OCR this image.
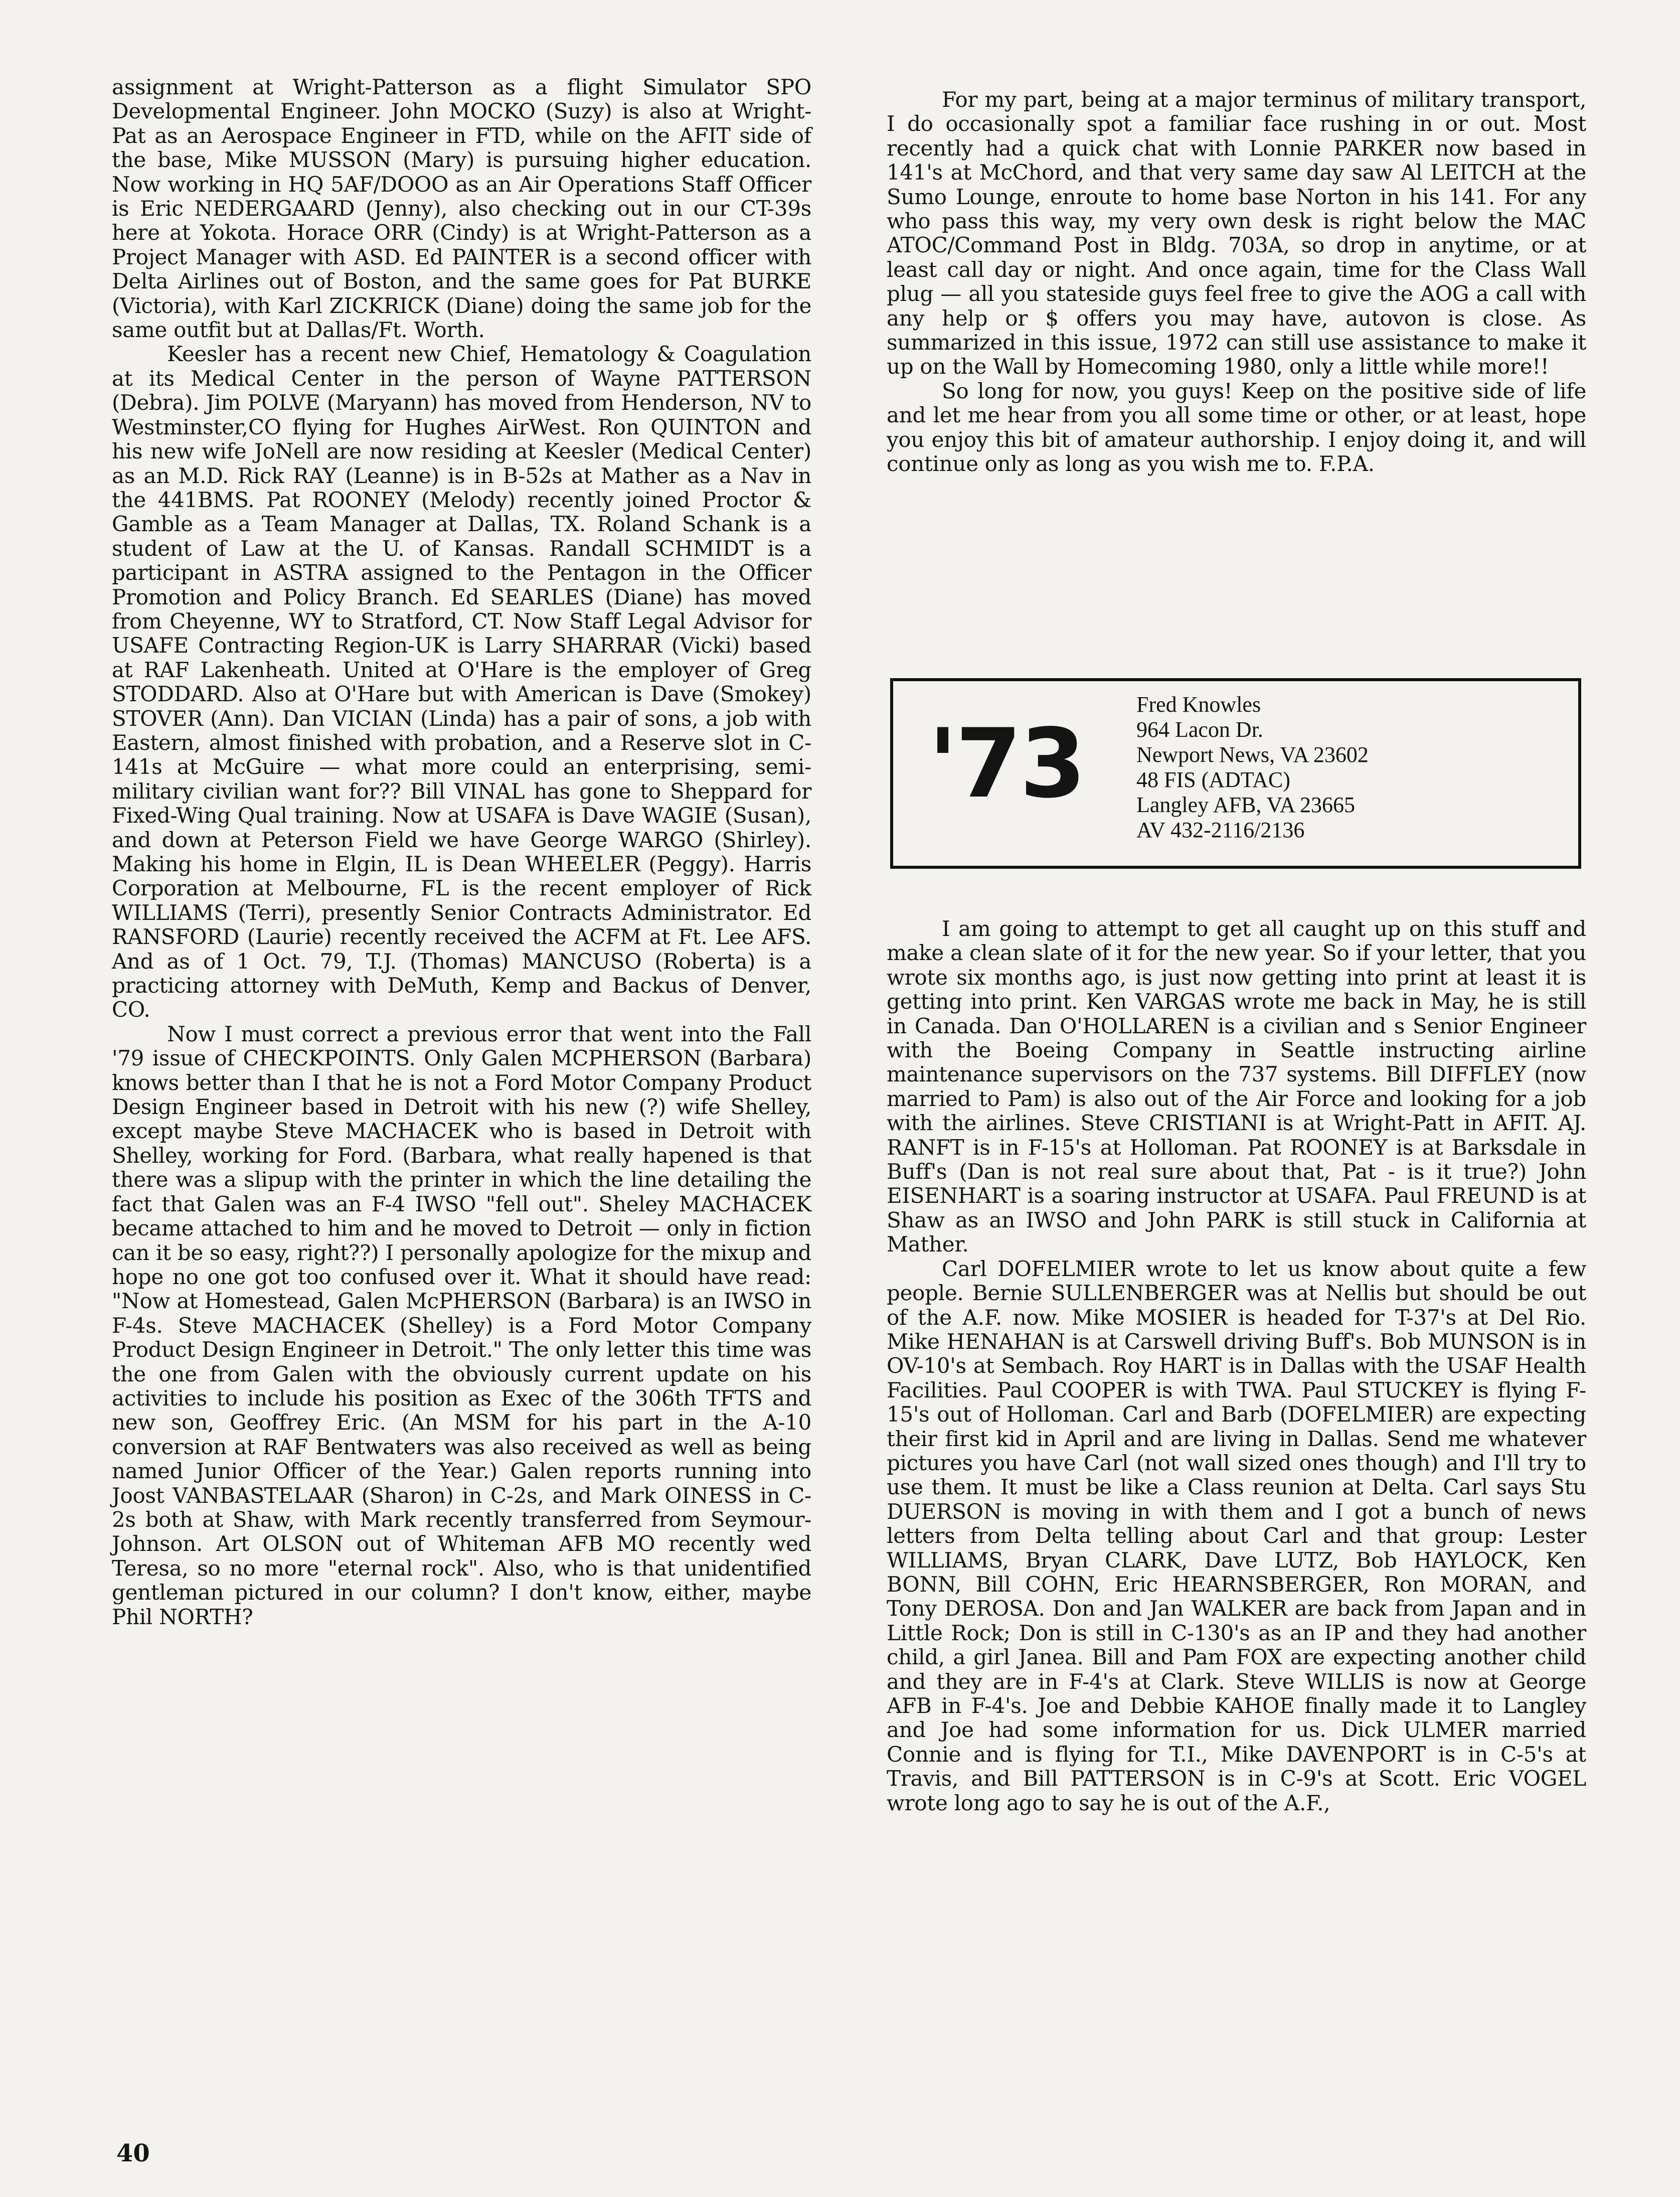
assignment at Wright-Patterson as a flight Simulator SPO Developmental Engineer. John MOCKO (Suzy) is also at Wright-Pat as an Aerospace Engineer in FTD, while on the AFIT side of the base, Mike MUSSON (Mary) is pursuing higher education. Now working in HQ 5AF/DOOO as an Air Operations Staff Officer is Eric NEDERGAARD (Jenny), also checking out in our CT-39s here at Yokota. Horace ORR (Cindy) is at Wright-Patterson as a Project Manager with ASD. Ed PAINTER is a second officer with Delta Airlines out of Boston, and the same goes for Pat BURKE (Victoria), with Karl ZICKRICK (Diane) doing the same job for the same outfit but at Dallas/Ft. Worth.

Keesler has a recent new Chief, Hematology & Coagulation at its Medical Center in the person of Wayne PATTERSON (Debra). Jim POLVE (Maryann) has moved from Henderson, NV to Westminster,CO flying for Hughes AirWest. Ron QUINTON and his new wife JoNell are now residing at Keesler (Medical Center) as an M.D. Rick RAY (Leanne) is in B-52s at Mather as a Nav in the 441BMS. Pat ROONEY (Melody) recently joined Proctor & Gamble as a Team Manager at Dallas, TX. Roland Schank is a student of Law at the U. of Kansas. Randall SCHMIDT is a participant in ASTRA assigned to the Pentagon in the Officer Promotion and Policy Branch. Ed SEARLES (Diane) has moved from Cheyenne, WY to Stratford, CT. Now Staff Legal Advisor for USAFE Contracting Region-UK is Larry SHARRAR (Vicki) based at RAF Lakenheath. United at O'Hare is the employer of Greg STODDARD. Also at O'Hare but with American is Dave (Smokey) STOVER (Ann). Dan VICIAN (Linda) has a pair of sons, a job with Eastern, almost finished with probation, and a Reserve slot in C-141s at McGuire — what more could an enterprising, semi-military civilian want for?? Bill VINAL has gone to Sheppard for Fixed-Wing Qual training. Now at USAFA is Dave WAGIE (Susan), and down at Peterson Field we have George WARGO (Shirley). Making his home in Elgin, IL is Dean WHEELER (Peggy). Harris Corporation at Melbourne, FL is the recent employer of Rick WILLIAMS (Terri), presently Senior Contracts Administrator. Ed RANSFORD (Laurie) recently received the ACFM at Ft. Lee AFS. And as of 1 Oct. 79, T.J. (Thomas) MANCUSO (Roberta) is a practicing attorney with DeMuth, Kemp and Backus of Denver, CO.

Now I must correct a previous error that went into the Fall '79 issue of CHECKPOINTS. Only Galen MCPHERSON (Barbara) knows better than I that he is not a Ford Motor Company Product Design Engineer based in Detroit with his new (?) wife Shelley, except maybe Steve MACHACEK who is based in Detroit with Shelley, working for Ford. (Barbara, what really hapened is that there was a slipup with the printer in which the line detailing the fact that Galen was an F-4 IWSO "fell out". Sheley MACHACEK became attached to him and he moved to Detroit — only in fiction can it be so easy, right??) I personally apologize for the mixup and hope no one got too confused over it. What it should have read: "Now at Homestead, Galen McPHERSON (Barbara) is an IWSO in F-4s. Steve MACHACEK (Shelley) is a Ford Motor Company Product Design Engineer in Detroit." The only letter this time was the one from Galen with the obviously current update on his activities to include his position as Exec of the 306th TFTS and new son, Geoffrey Eric. (An MSM for his part in the A-10 conversion at RAF Bentwaters was also received as well as being named Junior Officer of the Year.) Galen reports running into Joost VANBASTELAAR (Sharon) in C-2s, and Mark OINESS in C-2s both at Shaw, with Mark recently transferred from Seymour-Johnson. Art OLSON out of Whiteman AFB MO recently wed Teresa, so no more "eternal rock". Also, who is that unidentified gentleman pictured in our column? I don't know, either, maybe Phil NORTH?

For my part, being at a major terminus of military transport, I do occasionally spot a familiar face rushing in or out. Most recently had a quick chat with Lonnie PARKER now based in 141's at McChord, and that very same day saw Al LEITCH at the Sumo Lounge, enroute to home base Norton in his 141. For any who pass this way, my very own desk is right below the MAC ATOC/Command Post in Bldg. 703A, so drop in anytime, or at least call day or night. And once again, time for the Class Wall plug — all you stateside guys feel free to give the AOG a call with any help or $ offers you may have, autovon is close. As summarized in this issue, 1972 can still use assistance to make it up on the Wall by Homecoming 1980, only a little while more!!

So long for now, you guys! Keep on the positive side of life and let me hear from you all some time or other, or at least, hope you enjoy this bit of amateur authorship. I enjoy doing it, and will continue only as long as you wish me to. F.P.A.

'73
Fred Knowles
964 Lacon Dr.
Newport News, VA 23602
48 FIS (ADTAC)
Langley AFB, VA 23665
AV 432-2116/2136

I am going to attempt to get all caught up on this stuff and make a clean slate of it for the new year. So if your letter, that you wrote six months ago, is just now getting into print at least it is getting into print. Ken VARGAS wrote me back in May, he is still in Canada. Dan O'HOLLAREN is a civilian and s Senior Engineer with the Boeing Company in Seattle instructing airline maintenance supervisors on the 737 systems. Bill DIFFLEY (now married to Pam) is also out of the Air Force and looking for a job with the airlines. Steve CRISTIANI is at Wright-Patt in AFIT. AJ. RANFT is in F-15's at Holloman. Pat ROONEY is at Barksdale in Buff's (Dan is not real sure about that, Pat - is it true?) John EISENHART is a soaring instructor at USAFA. Paul FREUND is at Shaw as an IWSO and John PARK is still stuck in California at Mather.

Carl DOFELMIER wrote to let us know about quite a few people. Bernie SULLENBERGER was at Nellis but should be out of the A.F. now. Mike MOSIER is headed for T-37's at Del Rio. Mike HENAHAN is at Carswell driving Buff's. Bob MUNSON is in OV-10's at Sembach. Roy HART is in Dallas with the USAF Health Facilities. Paul COOPER is with TWA. Paul STUCKEY is flying F-15's out of Holloman. Carl and Barb (DOFELMIER) are expecting their first kid in April and are living in Dallas. Send me whatever pictures you have Carl (not wall sized ones though) and I'll try to use them. It must be like a Class reunion at Delta. Carl says Stu DUERSON is moving in with them and I got a bunch of news letters from Delta telling about Carl and that group: Lester WILLIAMS, Bryan CLARK, Dave LUTZ, Bob HAYLOCK, Ken BONN, Bill COHN, Eric HEARNSBERGER, Ron MORAN, and Tony DEROSA. Don and Jan WALKER are back from Japan and in Little Rock; Don is still in C-130's as an IP and they had another child, a girl Janea. Bill and Pam FOX are expecting another child and they are in F-4's at Clark. Steve WILLIS is now at George AFB in F-4's. Joe and Debbie KAHOE finally made it to Langley and Joe had some information for us. Dick ULMER married Connie and is flying for T.I., Mike DAVENPORT is in C-5's at Travis, and Bill PATTERSON is in C-9's at Scott. Eric VOGEL wrote long ago to say he is out of the A.F.,

40
